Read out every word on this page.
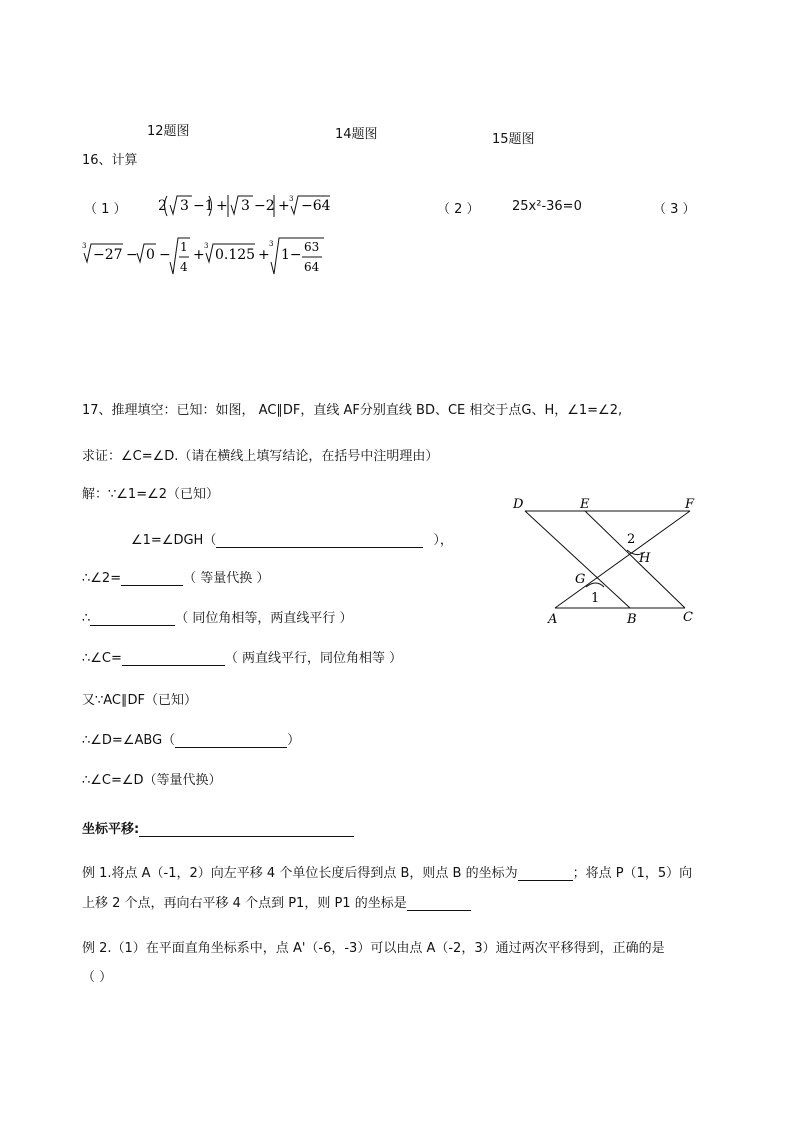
12题图	14题图	15题图
16、计算
（ 1 ） 2 3 −1 + 3 −2 + 3 −64	（ 2 ） 25x²-36=0	（ 3 ）
3
−27 − 0 − 1
4
+
3
0.125 +
3
1− 63
64
17、推理填空：已知：如图， AC∥DF，直线 AF分别直线 BD、CE 相交于点G、H，∠1=∠2,
求证：∠C=∠D.（请在横线上填写结论，在括号中注明理由）
解：∵∠1=∠2（已知）
∠1=∠DGH（	），
∴∠2=	（ 等量代换 ）
∴	（ 同位角相等，两直线平行 ）
∴∠C=	（ 两直线平行，同位角相等 ）
又∵AC∥DF（已知）
∴∠D=∠ABG（	）
∴∠C=∠D（等量代换）
D	E	F
H
G
A	B	C
2
1
坐标平移:
例 1.将点 A（-1，2）向左平移 4 个单位长度后得到点 B，则点 B 的坐标为	；将点 P（1，5）向
上移 2 个点，再向右平移 4 个点到 P1，则 P1 的坐标是
例 2.（1）在平面直角坐标系中，点 A'（-6，-3）可以由点 A（-2，3）通过两次平移得到，正确的是
（ ）
